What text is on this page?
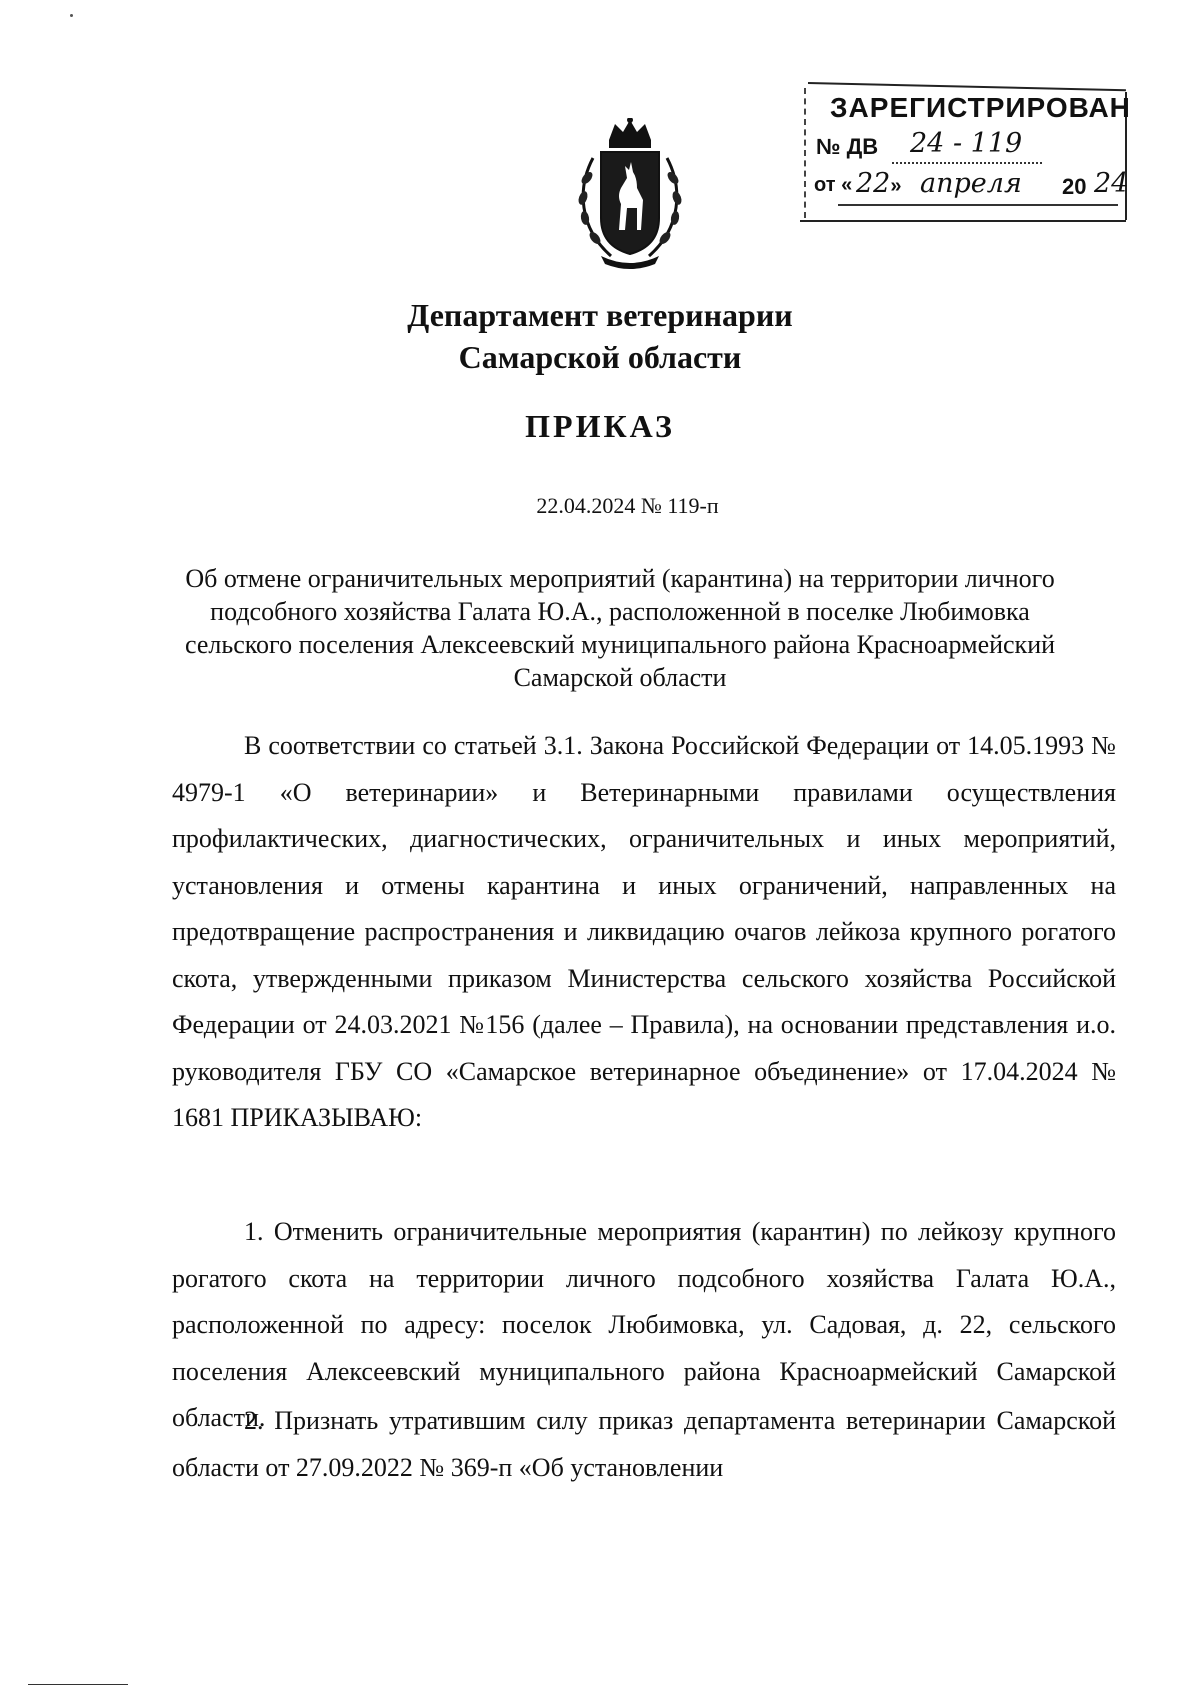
ЗАРЕГИСТРИРОВАН
№ ДВ 24 - 119
от « 22» апреля 20 24
Департамент ветеринарии
Самарской области
ПРИКАЗ
22.04.2024 № 119-п
Об отмене ограничительных мероприятий (карантина) на территории личного подсобного хозяйства Галата Ю.А., расположенной в поселке Любимовка сельского поселения Алексеевский муниципального района Красноармейский Самарской области
В соответствии со статьей 3.1. Закона Российской Федерации от 14.05.1993 № 4979-1 «О ветеринарии» и Ветеринарными правилами осуществления профилактических, диагностических, ограничительных и иных мероприятий, установления и отмены карантина и иных ограничений, направленных на предотвращение распространения и ликвидацию очагов лейкоза крупного рогатого скота, утвержденными приказом Министерства сельского хозяйства Российской Федерации от 24.03.2021 №156 (далее – Правила), на основании представления и.о. руководителя ГБУ СО «Самарское ветеринарное объединение» от 17.04.2024 № 1681 ПРИКАЗЫВАЮ:
1. Отменить ограничительные мероприятия (карантин) по лейкозу крупного рогатого скота на территории личного подсобного хозяйства Галата Ю.А., расположенной по адресу: поселок Любимовка, ул. Садовая, д. 22, сельского поселения Алексеевский муниципального района Красноармейский Самарской области.
2. Признать утратившим силу приказ департамента ветеринарии Самарской области от 27.09.2022 № 369-п «Об установлении
